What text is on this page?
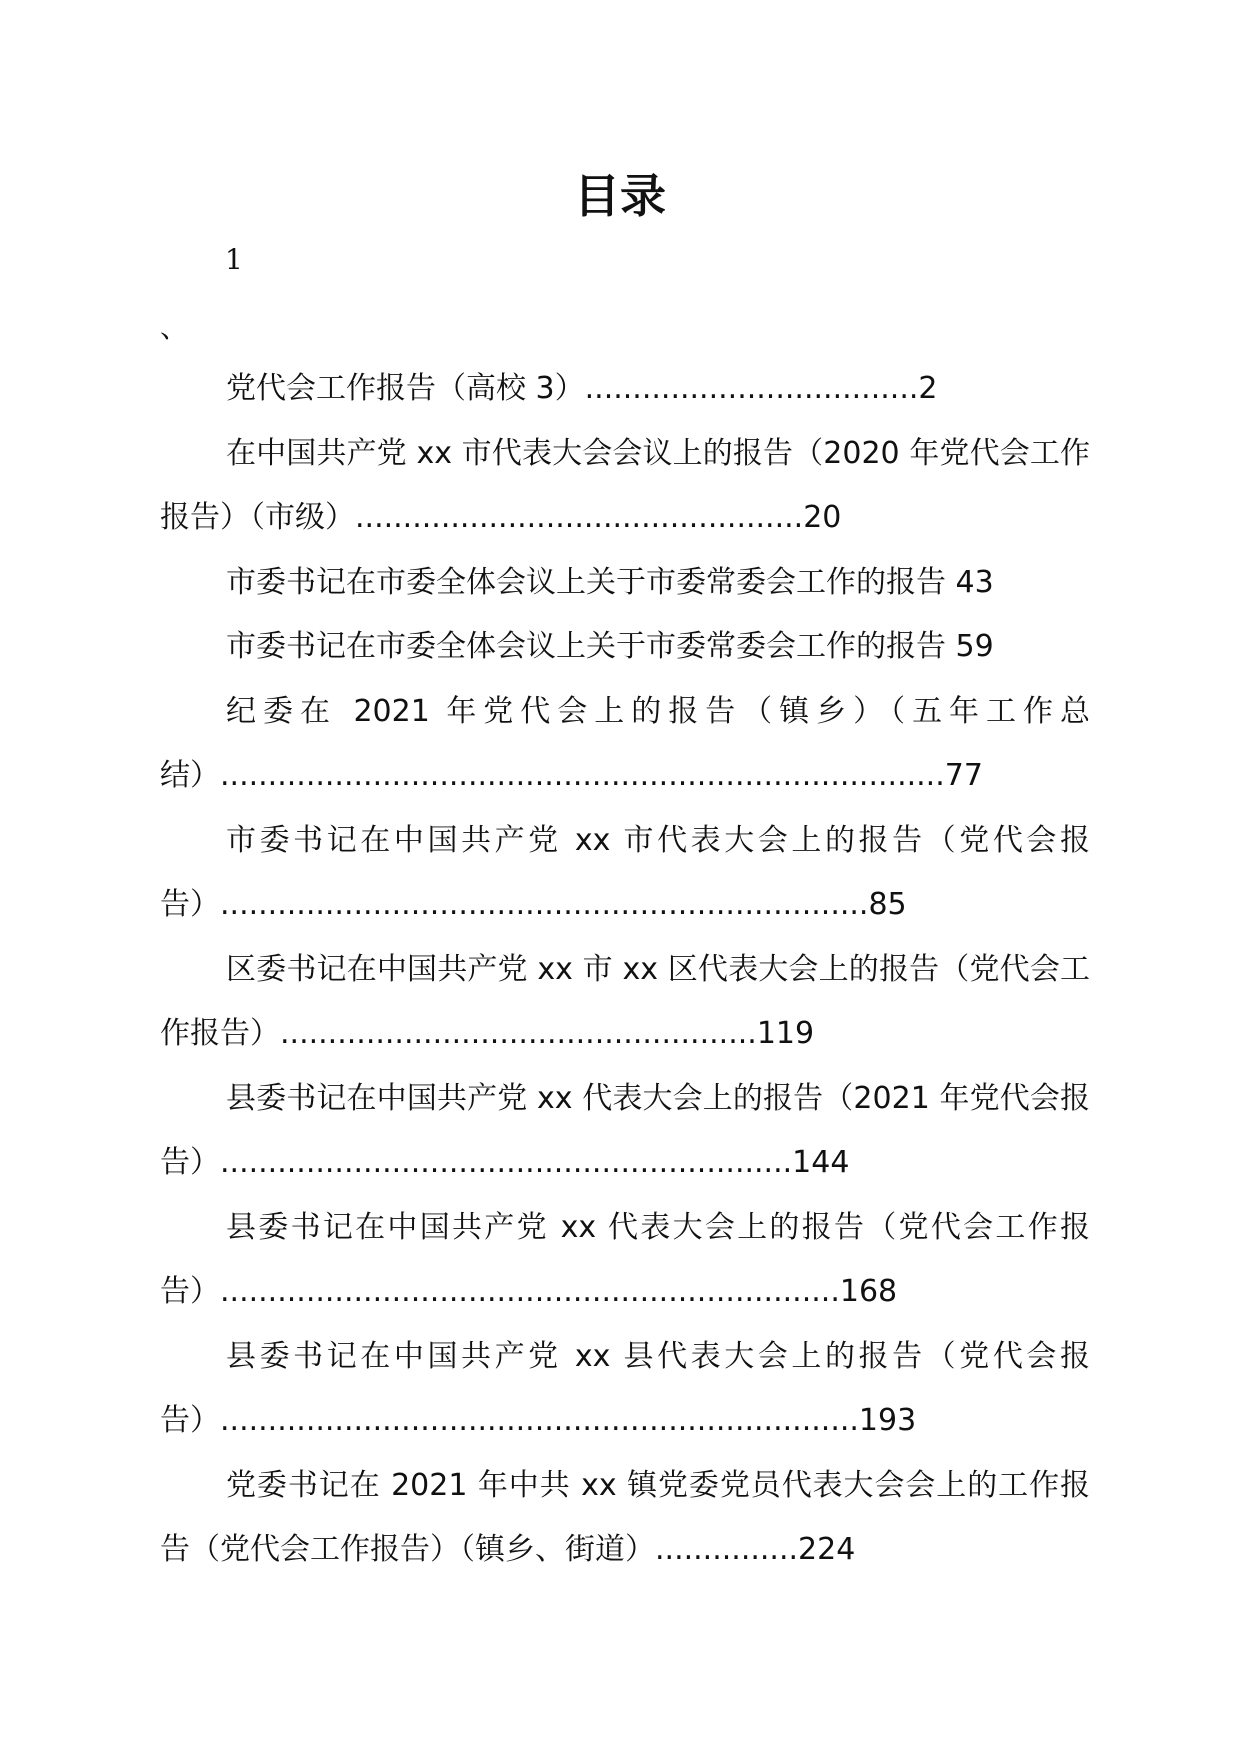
目录
1
、

党代会工作报告（高校 3）...................................2

在中国共产党 xx 市代表大会会议上的报告（2020 年党代会工作报告）（市级）...............................................20

市委书记在市委全体会议上关于市委常委会工作的报告 43

市委书记在市委全体会议上关于市委常委会工作的报告 59

纪委在 2021 年党代会上的报告（镇乡）（五年工作总结）............................................................................77

市委书记在中国共产党 xx 市代表大会上的报告（党代会报告）....................................................................85

区委书记在中国共产党 xx 市 xx 区代表大会上的报告（党代会工作报告）..................................................119

县委书记在中国共产党 xx 代表大会上的报告（2021 年党代会报告）............................................................144

县委书记在中国共产党 xx 代表大会上的报告（党代会工作报告）.................................................................168

县委书记在中国共产党 xx 县代表大会上的报告（党代会报告）...................................................................193

党委书记在 2021 年中共 xx 镇党委党员代表大会会上的工作报告（党代会工作报告）（镇乡、街道）...............224
